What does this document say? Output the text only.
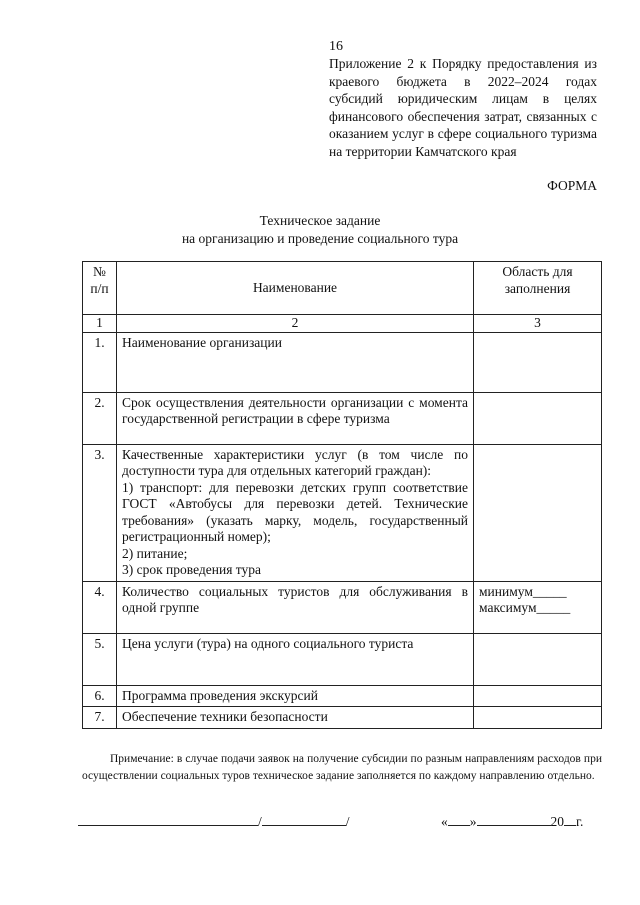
16
Приложение 2 к Порядку предоставления из краевого бюджета в 2022–2024 годах субсидий юридическим лицам в целях финансового обеспечения затрат, связанных с оказанием услуг в сфере социального туризма на территории Камчатского края
ФОРМА
Техническое задание
на организацию и проведение социального тура
№ п/п	Наименование	Область для заполнения
1	2	3
1.	Наименование организации	
2.	Срок осуществления деятельности организации с момента государственной регистрации в сфере туризма	
3.	Качественные характеристики услуг (в том числе по доступности тура для отдельных категорий граждан):
1) транспорт: для перевозки детских групп соответствие ГОСТ «Автобусы для перевозки детей. Технические требования» (указать марку, модель, государственный регистрационный номер);
2) питание;
3) срок проведения тура	

4.	Количество социальных туристов для обслуживания в одной группе	минимум_____
максимум_____

5.	Цена услуги (тура) на одного социального туриста	
6.	Программа проведения экскурсий	
7.	Обеспечение техники безопасности	
Примечание: в случае подачи заявок на получение субсидии по разным направлениям расходов при осуществлении социальных туров техническое задание заполняется по каждому направлению отдельно.
/	/	« »	20 г.
